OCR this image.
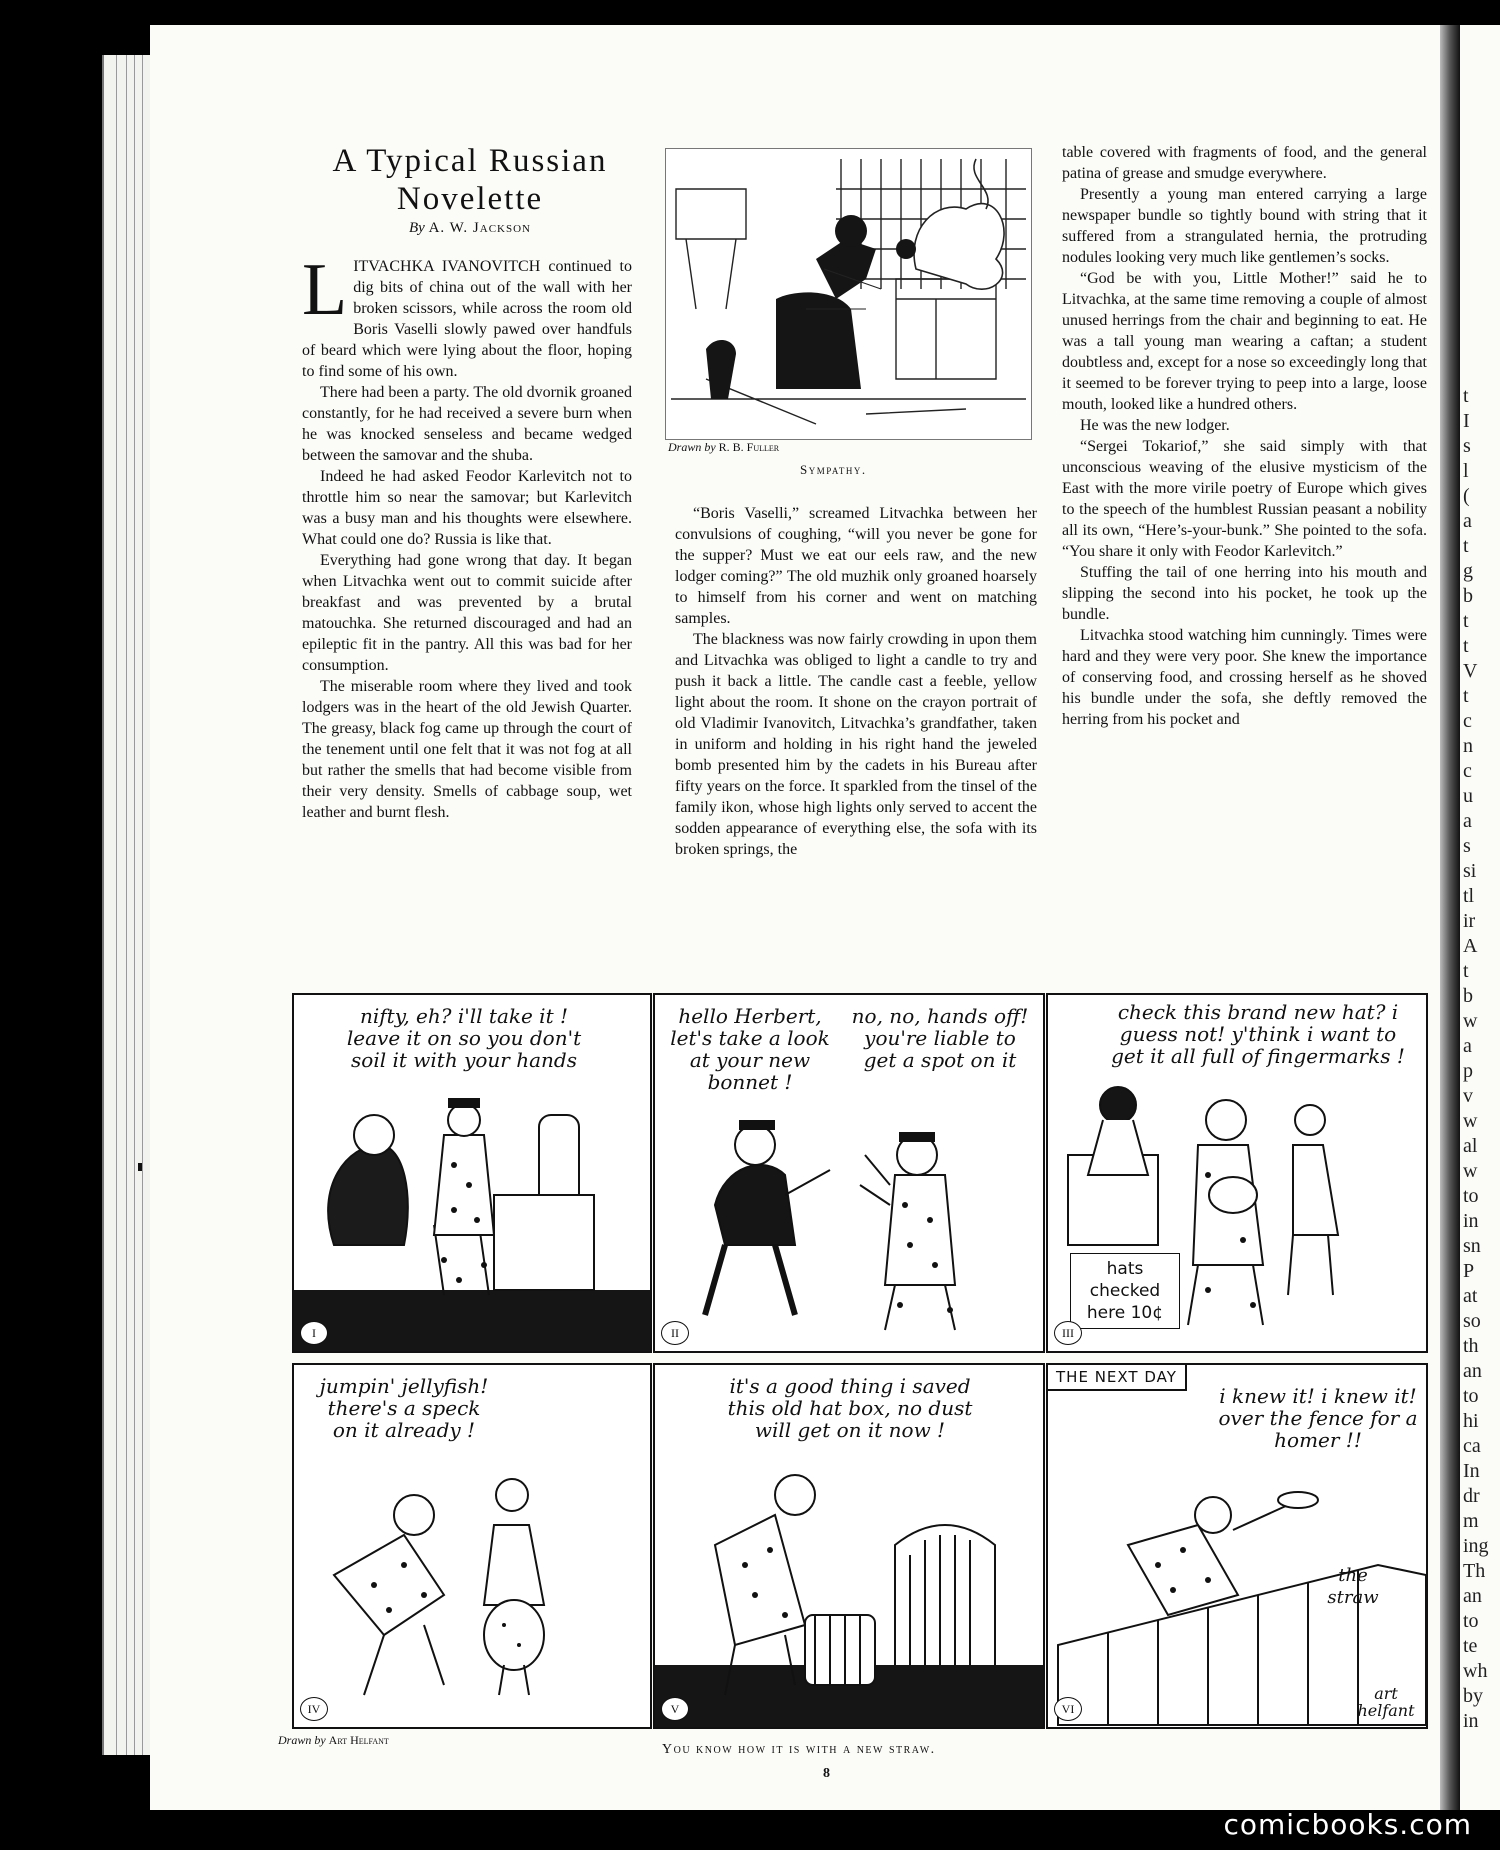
t
I
s
l
(
a
t
g
b
t
t
V
t
c
n
c
u
a
s
si
tl
ir
A
t
b
w
a
p
v
w
al
w
to
in
sn
P
at
so
th
an
to
hi
ca
In
dr
m
ing
Th
an
to
te
wh
by
in
A Typical Russian
Novelette
By A. W. Jackson

LITVACHKA IVANOVITCH continued to dig bits of china out of the wall with her broken scissors, while across the room old Boris Vaselli slowly pawed over handfuls of beard which were lying about the floor, hoping to find some of his own.

There had been a party. The old dvornik groaned constantly, for he had received a severe burn when he was knocked senseless and became wedged between the samovar and the shuba.

Indeed he had asked Feodor Karlevitch not to throttle him so near the samovar; but Karlevitch was a busy man and his thoughts were elsewhere. What could one do? Russia is like that.

Everything had gone wrong that day. It began when Litvachka went out to commit suicide after breakfast and was prevented by a brutal matouchka. She returned discouraged and had an epileptic fit in the pantry. All this was bad for her consumption.

The miserable room where they lived and took lodgers was in the heart of the old Jewish Quarter. The greasy, black fog came up through the court of the tenement until one felt that it was not fog at all but rather the smells that had become visible from their very density. Smells of cabbage soup, wet leather and burnt flesh.

Drawn by R. B. Fuller
Sympathy.

“Boris Vaselli,” screamed Litvachka between her convulsions of coughing, “will you never be gone for the supper? Must we eat our eels raw, and the new lodger coming?” The old muzhik only groaned hoarsely to himself from his corner and went on matching samples.

The blackness was now fairly crowding in upon them and Litvachka was obliged to light a candle to try and push it back a little. The candle cast a feeble, yellow light about the room. It shone on the crayon portrait of old Vladimir Ivanovitch, Litvachka’s grandfather, taken in uniform and holding in his right hand the jeweled bomb presented him by the cadets in his Bureau after fifty years on the force. It sparkled from the tinsel of the family ikon, whose high lights only served to accent the sodden appearance of everything else, the sofa with its broken springs, the

table covered with fragments of food, and the general patina of grease and smudge everywhere.

Presently a young man entered carrying a large newspaper bundle so tightly bound with string that it suffered from a strangulated hernia, the protruding nodules looking very much like gentlemen’s socks.

“God be with you, Little Mother!” said he to Litvachka, at the same time removing a couple of almost unused herrings from the chair and beginning to eat. He was a tall young man wearing a caftan; a student doubtless and, except for a nose so exceedingly long that it seemed to be forever trying to peep into a large, loose mouth, looked like a hundred others.

He was the new lodger.

“Sergei Tokariof,” she said simply with that unconscious weaving of the elusive mysticism of the East with the more virile poetry of Europe which gives to the speech of the humblest Russian peasant a nobility all its own, “Here’s-your-bunk.” She pointed to the sofa. “You share it only with Feodor Karlevitch.”

Stuffing the tail of one herring into his mouth and slipping the second into his pocket, he took up the bundle.

Litvachka stood watching him cunningly. Times were hard and they were very poor. She knew the importance of conserving food, and crossing herself as he shoved his bundle under the sofa, she deftly removed the herring from his pocket and

nifty, eh? i'll take it ! leave it on so you don't soil it with your hands
I
hello Herbert, let's take a look at your new bonnet !
no, no, hands off! you're liable to get a spot on it
II
check this brand new hat? i guess not! y'think i want to get it all full of fingermarks !
hats checked here 10¢
III
jumpin' jellyfish! there's a speck on it already !
IV
it's a good thing i saved this old hat box, no dust will get on it now !
V
THE NEXT DAY
i knew it! i knew it! over the fence for a homer !!
the straw
art helfant
VI
Drawn by Art Helfant
You know how it is with a new straw.
8
comicbooks.com
